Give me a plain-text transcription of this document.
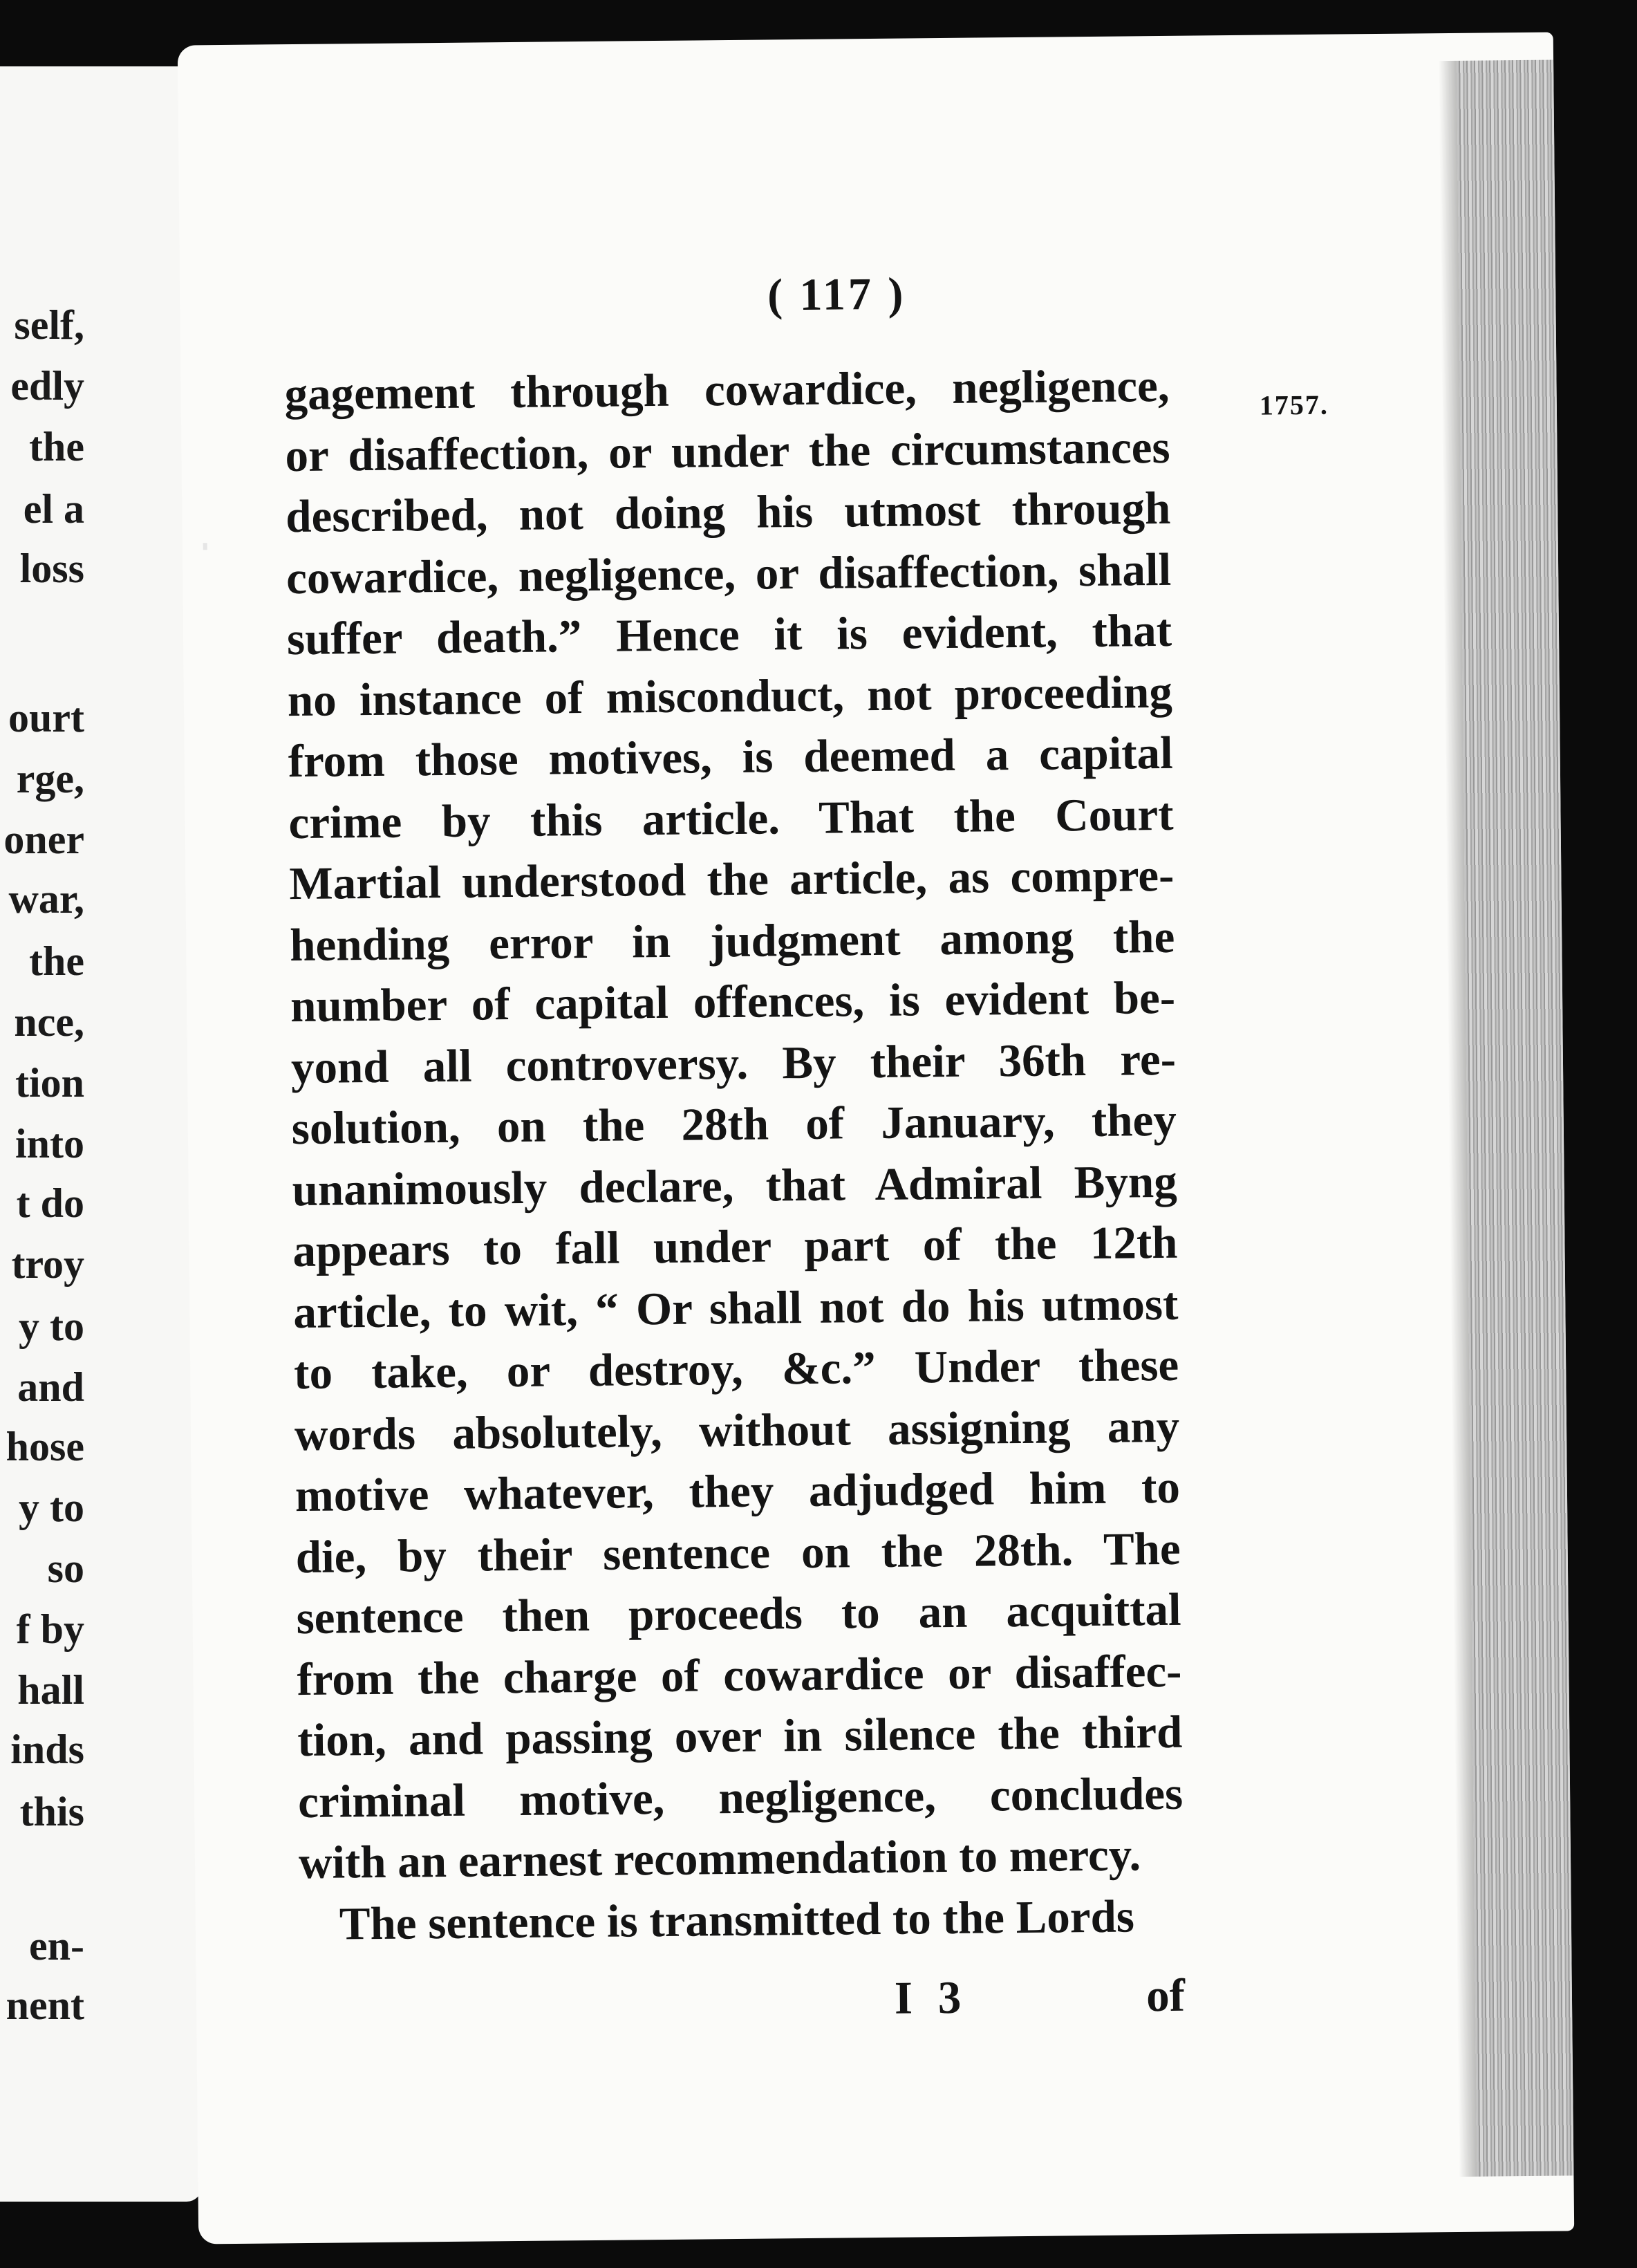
self,
edly
the
el a
loss
ourt
rge,
oner
war,
the
nce,
tion
into
t do
troy
y to
and
hose
y to
so
f by
hall
inds
this
en-
nent
( 117 )
1757.
gagement through cowardice, negligence,
or disaffection, or under the circumstances
described, not doing his utmost through
cowardice, negligence, or disaffection, shall
suffer death.” Hence it is evident, that
no instance of misconduct, not proceeding
from those motives, is deemed a capital
crime by this article. That the Court
Martial understood the article, as compre-
hending error in judgment among the
number of capital offences, is evident be-
yond all controversy. By their 36th re-
solution, on the 28th of January, they
unanimously declare, that Admiral Byng
appears to fall under part of the 12th
article, to wit, “ Or shall not do his utmost
to take, or destroy, &c.” Under these
words absolutely, without assigning any
motive whatever, they adjudged him to
die, by their sentence on the 28th. The
sentence then proceeds to an acquittal
from the charge of cowardice or disaffec-
tion, and passing over in silence the third
criminal motive, negligence, concludes
with an earnest recommendation to mercy.
The sentence is transmitted to the Lords
I 3	of
